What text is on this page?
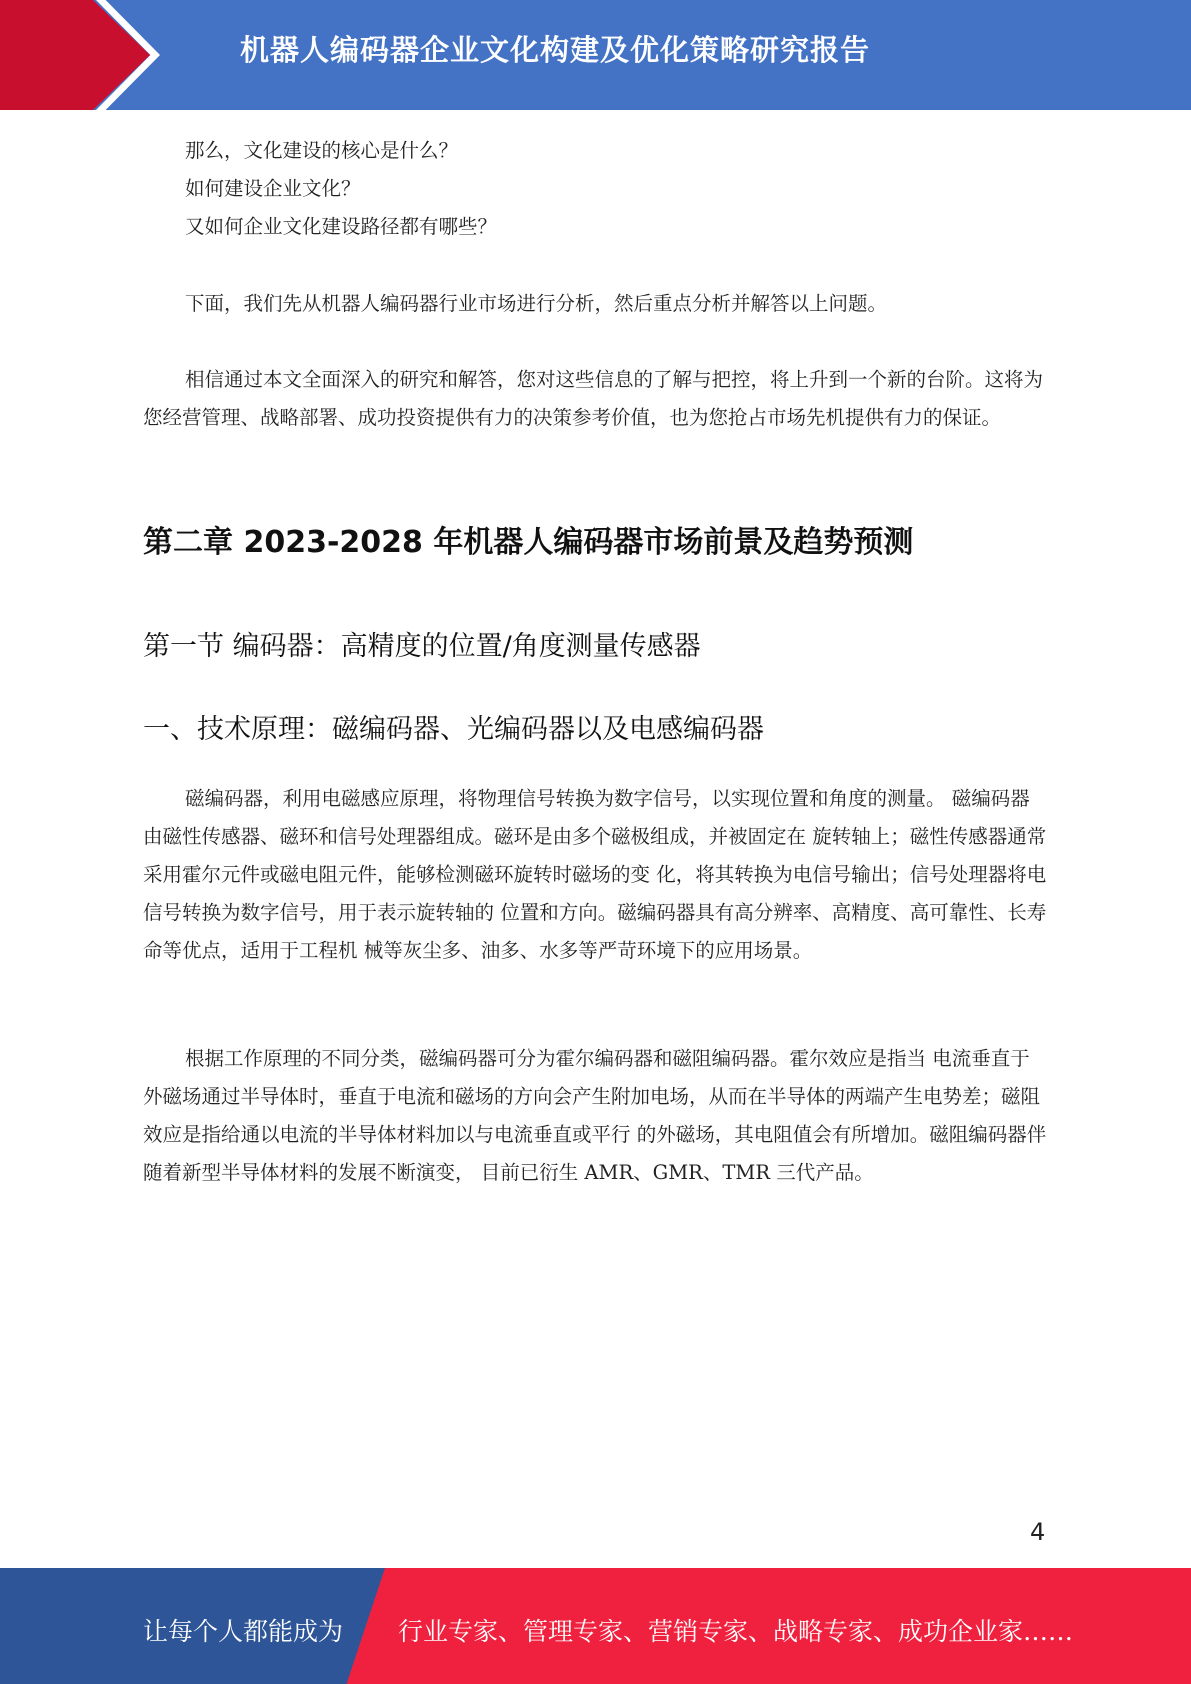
机器人编码器企业文化构建及优化策略研究报告

那么，文化建设的核心是什么？

如何建设企业文化？

又如何企业文化建设路径都有哪些？

下面，我们先从机器人编码器行业市场进行分析，然后重点分析并解答以上问题。

相信通过本文全面深入的研究和解答，您对这些信息的了解与把控，将上升到一个新的台阶。这将为您经营管理、战略部署、成功投资提供有力的决策参考价值，也为您抢占市场先机提供有力的保证。

第二章 2023-2028 年机器人编码器市场前景及趋势预测
第一节 编码器：高精度的位置/角度测量传感器
一、技术原理：磁编码器、光编码器以及电感编码器

磁编码器，利用电磁感应原理，将物理信号转换为数字信号，以实现位置和角度的测量。 磁编码器由磁性传感器、磁环和信号处理器组成。磁环是由多个磁极组成，并被固定在 旋转轴上；磁性传感器通常采用霍尔元件或磁电阻元件，能够检测磁环旋转时磁场的变 化，将其转换为电信号输出；信号处理器将电信号转换为数字信号，用于表示旋转轴的 位置和方向。磁编码器具有高分辨率、高精度、高可靠性、长寿命等优点，适用于工程机 械等灰尘多、油多、水多等严苛环境下的应用场景。

根据工作原理的不同分类，磁编码器可分为霍尔编码器和磁阻编码器。霍尔效应是指当 电流垂直于外磁场通过半导体时，垂直于电流和磁场的方向会产生附加电场，从而在半导体的两端产生电势差；磁阻效应是指给通以电流的半导体材料加以与电流垂直或平行 的外磁场，其电阻值会有所增加。磁阻编码器伴随着新型半导体材料的发展不断演变， 目前已衍生 AMR、GMR、TMR 三代产品。

4
让每个人都能成为 行业专家、管理专家、营销专家、战略专家、成功企业家……
